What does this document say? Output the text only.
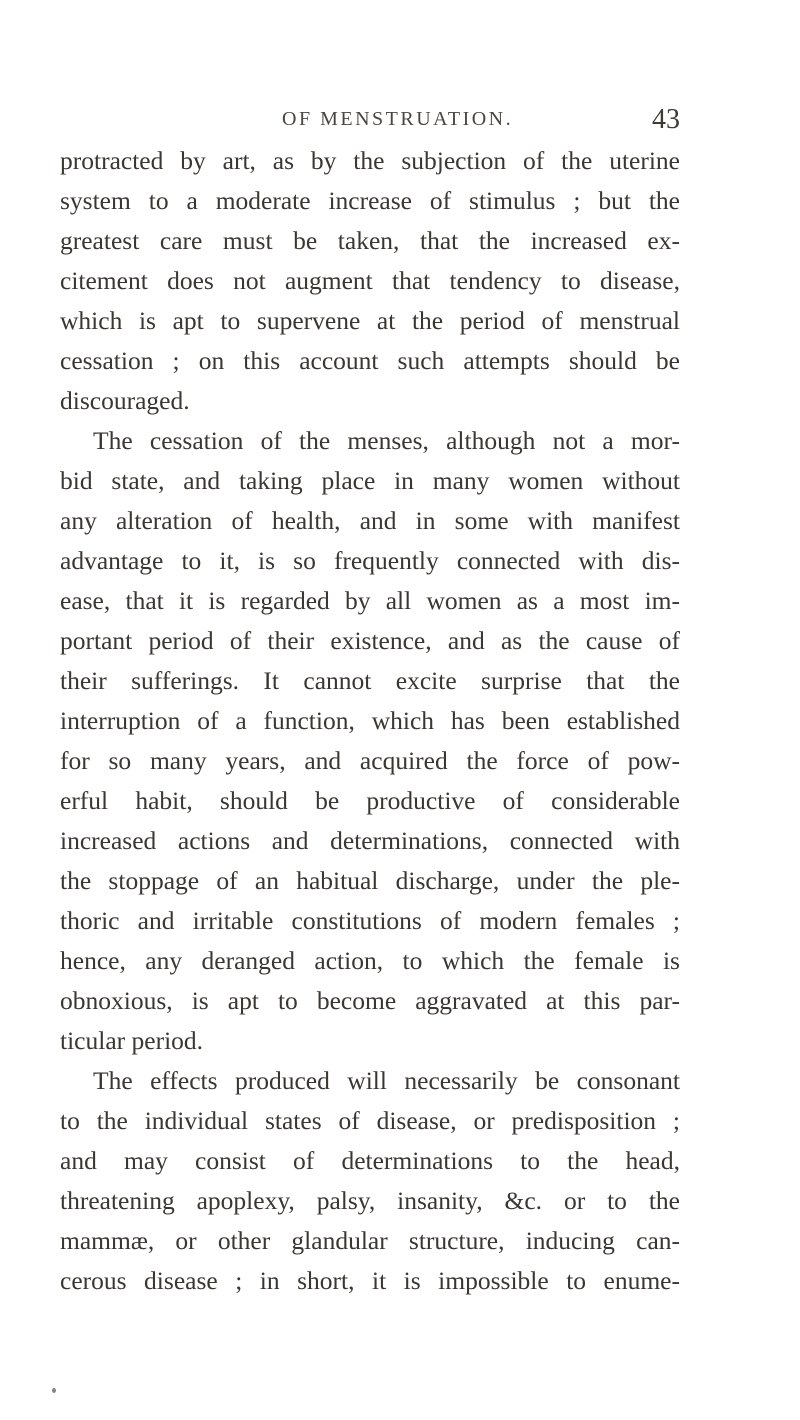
OF MENSTRUATION.	43
protracted by art, as by the subjection of the uterine
system to a moderate increase of stimulus ; but the
greatest care must be taken, that the increased ex-
citement does not augment that tendency to disease,
which is apt to supervene at the period of menstrual
cessation ; on this account such attempts should be
discouraged.
The cessation of the menses, although not a mor-
bid state, and taking place in many women without
any alteration of health, and in some with manifest
advantage to it, is so frequently connected with dis-
ease, that it is regarded by all women as a most im-
portant period of their existence, and as the cause of
their sufferings. It cannot excite surprise that the
interruption of a function, which has been established
for so many years, and acquired the force of pow-
erful habit, should be productive of considerable
increased actions and determinations, connected with
the stoppage of an habitual discharge, under the ple-
thoric and irritable constitutions of modern females ;
hence, any deranged action, to which the female is
obnoxious, is apt to become aggravated at this par-
ticular period.
The effects produced will necessarily be consonant
to the individual states of disease, or predisposition ;
and may consist of determinations to the head,
threatening apoplexy, palsy, insanity, &c. or to the
mammæ, or other glandular structure, inducing can-
cerous disease ; in short, it is impossible to enume-
